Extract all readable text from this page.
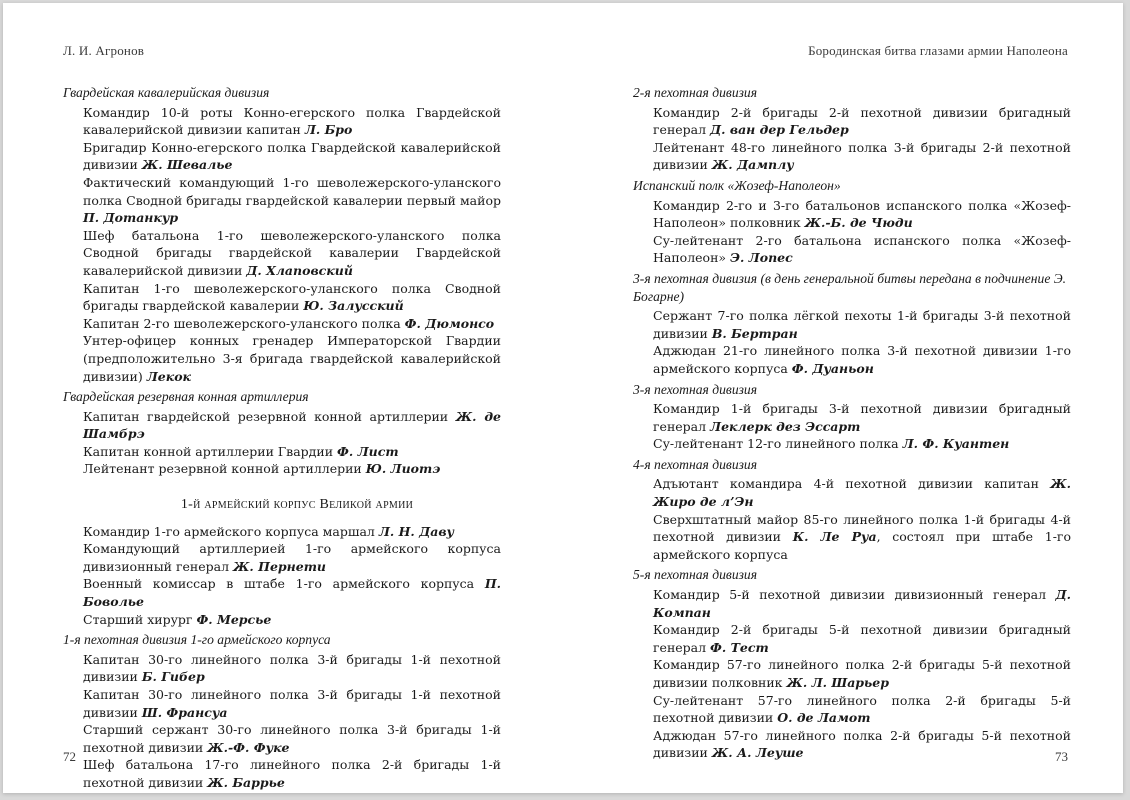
Л. И. Агронов
Гвардейская кавалерийская дивизия

Командир 10-й роты Конно-егерского полка Гвардейской кавалерийской дивизии капитан Л. Бро

Бригадир Конно-егерского полка Гвардейской кавалерийской дивизии Ж. Шевалье

Фактический командующий 1-го шеволежерского-уланского полка Сводной бригады гвардейской кавалерии первый майор П. Дотанкур

Шеф батальона 1-го шеволежерского-уланского полка Сводной бригады гвардейской кавалерии Гвардейской кавалерийской дивизии Д. Хлаповский

Капитан 1-го шеволежерского-уланского полка Сводной бригады гвардейской кавалерии Ю. Залусский

Капитан 2-го шеволежерского-уланского полка Ф. Дюмонсо

Унтер-офицер конных гренадер Императорской Гвардии (предположительно 3-я бригада гвардейской кавалерийской дивизии) Лекок

Гвардейская резервная конная артиллерия

Капитан гвардейской резервной конной артиллерии Ж. де Шамбрэ

Капитан конной артиллерии Гвардии Ф. Лист

Лейтенант резервной конной артиллерии Ю. Лиотэ

1-й армейский корпус Великой армии

Командир 1-го армейского корпуса маршал Л. Н. Даву

Командующий артиллерией 1-го армейского корпуса дивизионный генерал Ж. Пернети

Военный комиссар в штабе 1-го армейского корпуса П. Боволье

Старший хирург Ф. Мерсье

1-я пехотная дивизия 1-го армейского корпуса

Капитан 30-го линейного полка 3-й бригады 1-й пехотной дивизии Б. Гибер

Капитан 30-го линейного полка 3-й бригады 1-й пехотной дивизии Ш. Франсуа

Старший сержант 30-го линейного полка 3-й бригады 1-й пехотной дивизии Ж.-Ф. Фуке

Шеф батальона 17-го линейного полка 2-й бригады 1-й пехотной дивизии Ж. Баррье

72
Бородинская битва глазами армии Наполеона
2-я пехотная дивизия

Командир 2-й бригады 2-й пехотной дивизии бригадный генерал Д. ван дер Гельдер

Лейтенант 48-го линейного полка 3-й бригады 2-й пехотной дивизии Ж. Дамплу

Испанский полк «Жозеф-Наполеон»

Командир 2-го и 3-го батальонов испанского полка «Жозеф-Наполеон» полковник Ж.-Б. де Чюди

Су-лейтенант 2-го батальона испанского полка «Жозеф-Наполеон» Э. Лопес

3-я пехотная дивизия (в день генеральной битвы передана в подчинение Э. Богарне)

Сержант 7-го полка лёгкой пехоты 1-й бригады 3-й пехотной дивизии В. Бертран

Аджюдан 21-го линейного полка 3-й пехотной дивизии 1-го армейского корпуса Ф. Дуаньон

3-я пехотная дивизия

Командир 1-й бригады 3-й пехотной дивизии бригадный генерал Леклерк дез Эссарт

Су-лейтенант 12-го линейного полка Л. Ф. Куантен

4-я пехотная дивизия

Адъютант командира 4-й пехотной дивизии капитан Ж. Жиро де л’Эн

Сверхштатный майор 85-го линейного полка 1-й бригады 4-й пехотной дивизии К. Ле Руа, состоял при штабе 1-го армейского корпуса

5-я пехотная дивизия

Командир 5-й пехотной дивизии дивизионный генерал Д. Компан

Командир 2-й бригады 5-й пехотной дивизии бригадный генерал Ф. Тест

Командир 57-го линейного полка 2-й бригады 5-й пехотной дивизии полковник Ж. Л. Шарьер

Су-лейтенант 57-го линейного полка 2-й бригады 5-й пехотной дивизии О. де Ламот

Аджюдан 57-го линейного полка 2-й бригады 5-й пехотной дивизии Ж. А. Леуше	73
